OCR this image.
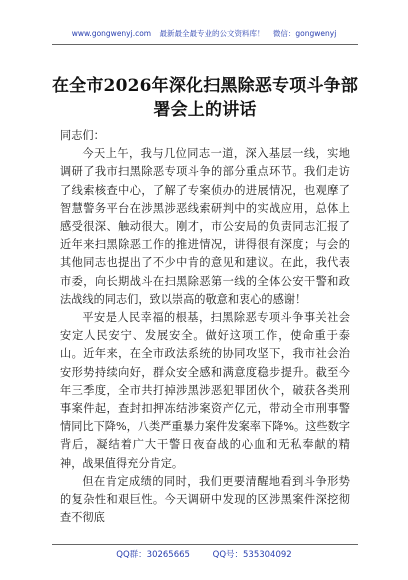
www.gongwenyj.com 最新最全最专业的公文资料库！ 微信：gongwenyj
在全市2026年深化扫黑除恶专项斗争部署会上的讲话

同志们：

今天上午，我与几位同志一道，深入基层一线，实地调研了我市扫黑除恶专项斗争的部分重点环节。我们走访了线索核查中心，了解了专案侦办的进展情况，也观摩了智慧警务平台在涉黑涉恶线索研判中的实战应用，总体上感受很深、触动很大。刚才，市公安局的负责同志汇报了近年来扫黑除恶工作的推进情况，讲得很有深度；与会的其他同志也提出了不少中肯的意见和建议。在此，我代表市委，向长期战斗在扫黑除恶第一线的全体公安干警和政法战线的同志们，致以崇高的敬意和衷心的感谢！

平安是人民幸福的根基，扫黑除恶专项斗争事关社会安定人民安宁、发展安全。做好这项工作，使命重于泰山。近年来，在全市政法系统的协同攻坚下，我市社会治安形势持续向好，群众安全感和满意度稳步提升。截至今年三季度，全市共打掉涉黑涉恶犯罪团伙个，破获各类刑事案件起，查封扣押冻结涉案资产亿元，带动全市刑事警情同比下降%，八类严重暴力案件发案率下降%。这些数字背后，凝结着广大干警日夜奋战的心血和无私奉献的精神，战果值得充分肯定。

但在肯定成绩的同时，我们更要清醒地看到斗争形势的复杂性和艰巨性。今天调研中发现的区涉黑案件深挖彻查不彻底

QQ群：30265665	QQ号：535304092
